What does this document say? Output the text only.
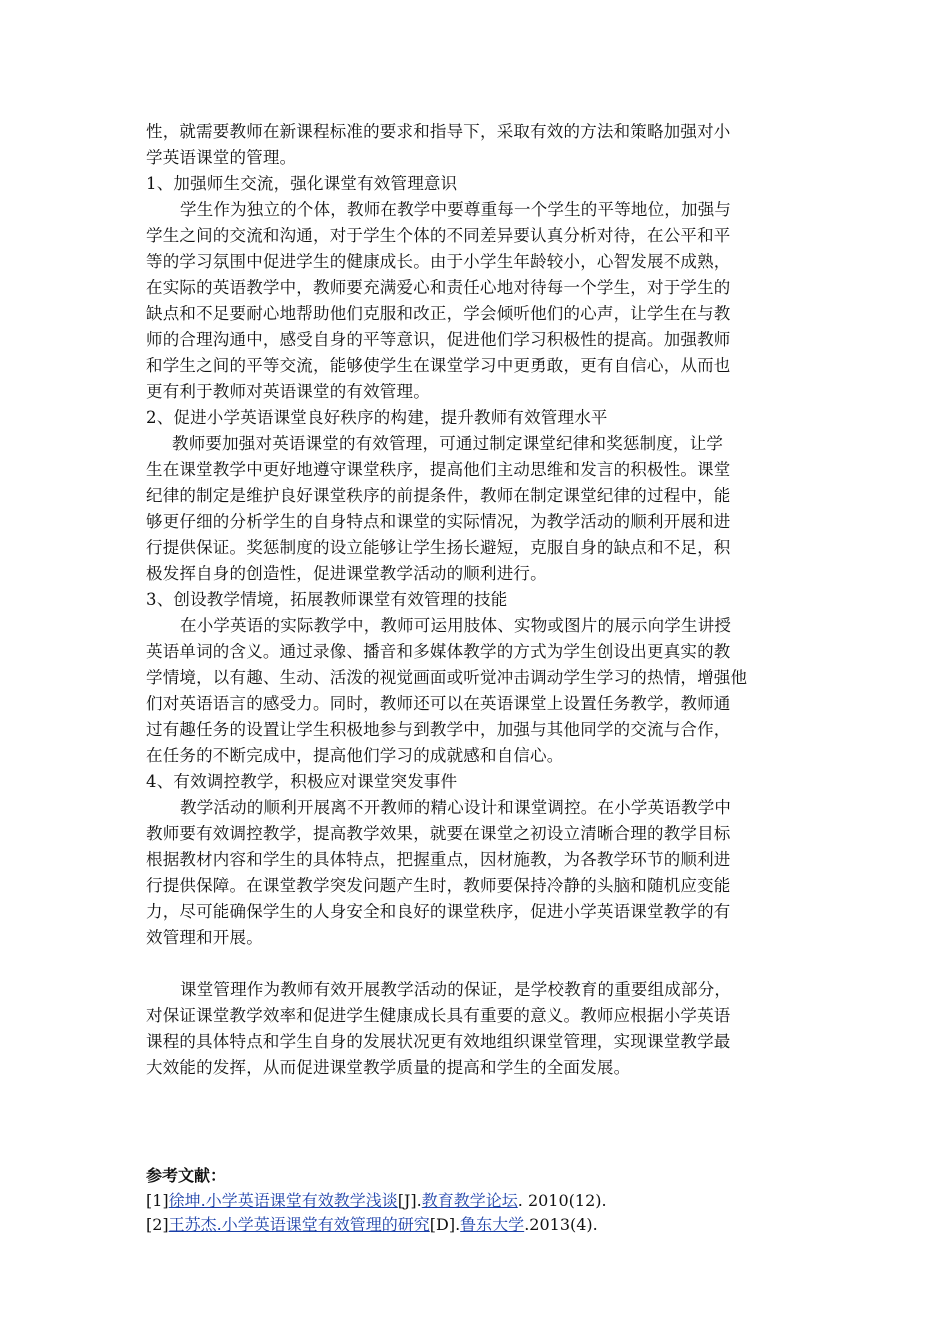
性，就需要教师在新课程标准的要求和指导下，采取有效的方法和策略加强对小
学英语课堂的管理。
1、加强师生交流，强化课堂有效管理意识
学生作为独立的个体，教师在教学中要尊重每一个学生的平等地位，加强与
学生之间的交流和沟通，对于学生个体的不同差异要认真分析对待，在公平和平
等的学习氛围中促进学生的健康成长。由于小学生年龄较小，心智发展不成熟，
在实际的英语教学中，教师要充满爱心和责任心地对待每一个学生，对于学生的
缺点和不足要耐心地帮助他们克服和改正，学会倾听他们的心声，让学生在与教
师的合理沟通中，感受自身的平等意识，促进他们学习积极性的提高。加强教师
和学生之间的平等交流，能够使学生在课堂学习中更勇敢，更有自信心，从而也
更有利于教师对英语课堂的有效管理。
2、促进小学英语课堂良好秩序的构建，提升教师有效管理水平
教师要加强对英语课堂的有效管理，可通过制定课堂纪律和奖惩制度，让学
生在课堂教学中更好地遵守课堂秩序，提高他们主动思维和发言的积极性。课堂
纪律的制定是维护良好课堂秩序的前提条件，教师在制定课堂纪律的过程中，能
够更仔细的分析学生的自身特点和课堂的实际情况，为教学活动的顺利开展和进
行提供保证。奖惩制度的设立能够让学生扬长避短，克服自身的缺点和不足，积
极发挥自身的创造性，促进课堂教学活动的顺利进行。
3、创设教学情境，拓展教师课堂有效管理的技能
在小学英语的实际教学中，教师可运用肢体、实物或图片的展示向学生讲授
英语单词的含义。通过录像、播音和多媒体教学的方式为学生创设出更真实的教
学情境，以有趣、生动、活泼的视觉画面或听觉冲击调动学生学习的热情，增强他
们对英语语言的感受力。同时，教师还可以在英语课堂上设置任务教学，教师通
过有趣任务的设置让学生积极地参与到教学中，加强与其他同学的交流与合作，
在任务的不断完成中，提高他们学习的成就感和自信心。
4、有效调控教学，积极应对课堂突发事件
教学活动的顺利开展离不开教师的精心设计和课堂调控。在小学英语教学中
教师要有效调控教学，提高教学效果，就要在课堂之初设立清晰合理的教学目标
根据教材内容和学生的具体特点，把握重点，因材施教，为各教学环节的顺利进
行提供保障。在课堂教学突发问题产生时，教师要保持冷静的头脑和随机应变能
力，尽可能确保学生的人身安全和良好的课堂秩序，促进小学英语课堂教学的有
效管理和开展。
课堂管理作为教师有效开展教学活动的保证，是学校教育的重要组成部分，
对保证课堂教学效率和促进学生健康成长具有重要的意义。教师应根据小学英语
课程的具体特点和学生自身的发展状况更有效地组织课堂管理，实现课堂教学最
大效能的发挥，从而促进课堂教学质量的提高和学生的全面发展。
参考文献：
[1]徐坤.小学英语课堂有效教学浅谈[J].教育教学论坛. 2010(12).
[2]王苏杰.小学英语课堂有效管理的研究[D].鲁东大学.2013(4).
